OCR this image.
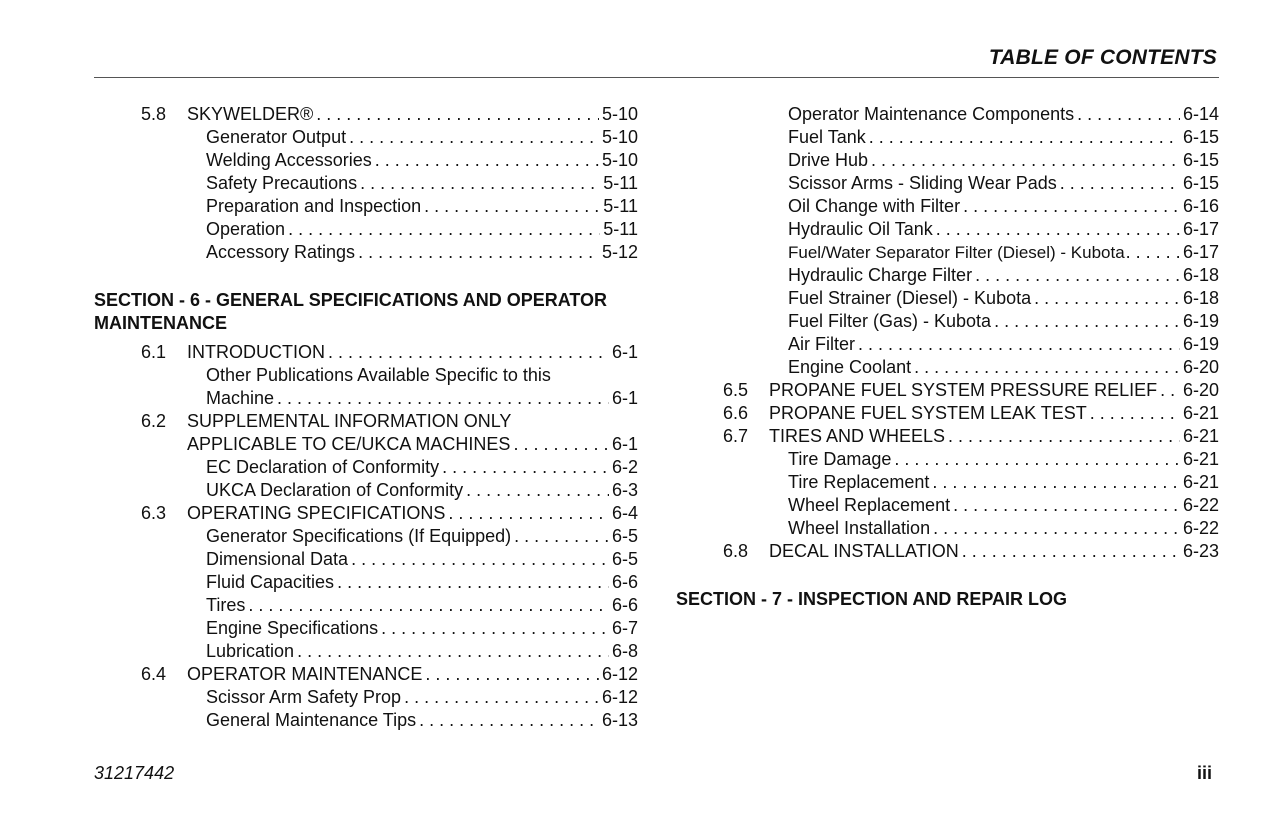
TABLE OF CONTENTS
5.8 SKYWELDER® . . .	5-10
Generator Output . . .	5-10
Welding Accessories . . .	5-10
Safety Precautions . . .	5-11
Preparation and Inspection . . .	5-11
Operation . . .	5-11
Accessory Ratings . . .	5-12
SECTION - 6 - GENERAL SPECIFICATIONS AND OPERATOR MAINTENANCE
6.1 INTRODUCTION . . .	6-1
Other Publications Available Specific to this
Machine . . .	6-1
6.2 SUPPLEMENTAL INFORMATION ONLY
APPLICABLE TO CE/UKCA MACHINES . . .	6-1
EC Declaration of Conformity . . .	6-2
UKCA Declaration of Conformity . . .	6-3
6.3 OPERATING SPECIFICATIONS . . .	6-4
Generator Specifications (If Equipped) . . .	6-5
Dimensional Data . . .	6-5
Fluid Capacities . . .	6-6
Tires . . .	6-6
Engine Specifications . . .	6-7
Lubrication . . .	6-8
6.4 OPERATOR MAINTENANCE . . .	6-12
Scissor Arm Safety Prop . . .	6-12
General Maintenance Tips . . .	6-13
Operator Maintenance Components . . .	6-14
Fuel Tank . . .	6-15
Drive Hub . . .	6-15
Scissor Arms - Sliding Wear Pads . . .	6-15
Oil Change with Filter . . .	6-16
Hydraulic Oil Tank . . .	6-17
Fuel/Water Separator Filter (Diesel) - Kubota . . .	6-17
Hydraulic Charge Filter . . .	6-18
Fuel Strainer (Diesel) - Kubota . . .	6-18
Fuel Filter (Gas) - Kubota . . .	6-19
Air Filter . . .	6-19
Engine Coolant . . .	6-20
6.5 PROPANE FUEL SYSTEM PRESSURE RELIEF . . . 6-20
6.6 PROPANE FUEL SYSTEM LEAK TEST . . .	6-21
6.7 TIRES AND WHEELS . . .	6-21
Tire Damage . . .	6-21
Tire Replacement . . .	6-21
Wheel Replacement . . .	6-22
Wheel Installation . . .	6-22
6.8 DECAL INSTALLATION . . .	6-23
SECTION - 7 - INSPECTION AND REPAIR LOG
31217442	iii
